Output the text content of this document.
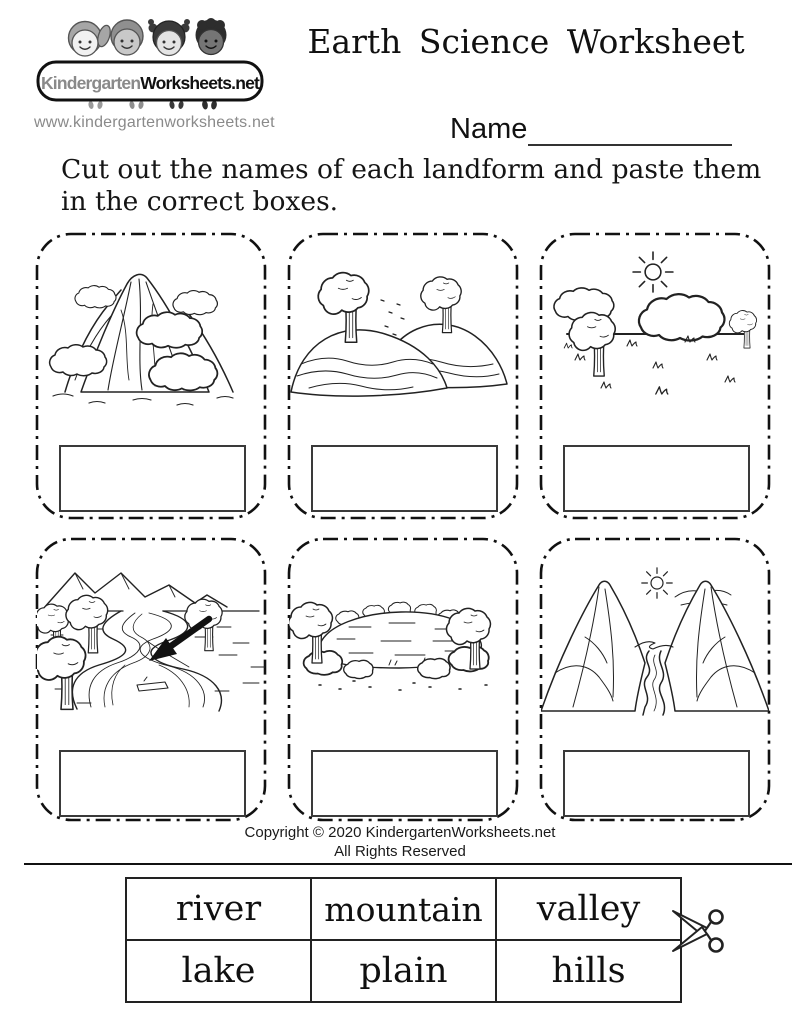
KindergartenWorksheets.net
www.kindergartenworksheets.net
Earth Science Worksheet
Name
Cut out the names of each landform and paste them in the correct boxes.
Copyright © 2020 KindergartenWorksheets.net
All Rights Reserved
river	mountain	valley
lake	plain	hills
